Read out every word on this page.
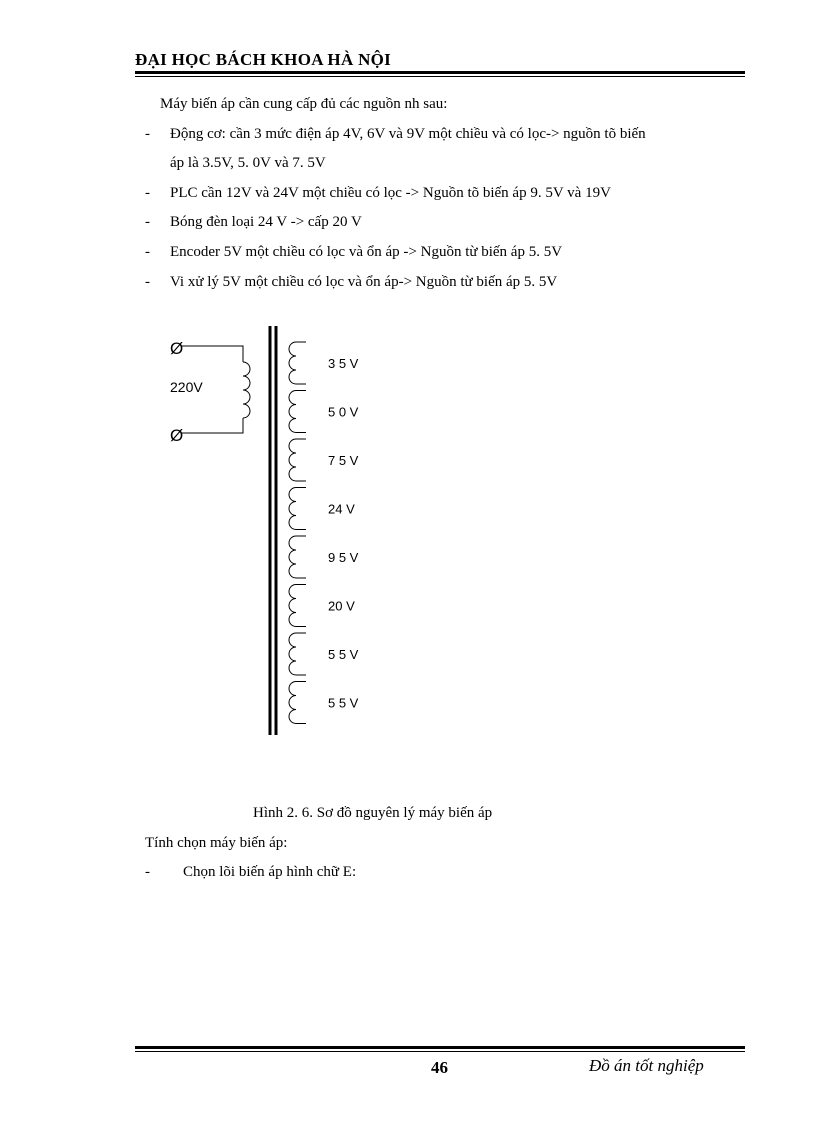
ĐẠI HỌC BÁCH KHOA HÀ NỘI
Máy biến áp cần cung cấp đủ các nguồn nh sau:
- Động cơ: cần 3 mức điện áp 4V, 6V và 9V một chiều và có lọc-> nguồn tõ biến
áp là 3.5V, 5. 0V và 7. 5V
- PLC cần 12V và 24V một chiều có lọc -> Nguồn tõ biến áp 9. 5V và 19V
- Bóng đèn loại 24 V -> cấp 20 V
- Encoder 5V một chiều có lọc và ổn áp -> Nguồn từ biến áp 5. 5V
- Vi xử lý 5V một chiều có lọc và ổn áp-> Nguồn từ biến áp 5. 5V
Ø
Ø
220V
3 5 V
5 0 V
7 5 V
24 V
9 5 V
20 V
5 5 V
5 5 V
Hình 2. 6. Sơ đồ nguyên lý máy biến áp
Tính chọn máy biến áp:
- Chọn lõi biến áp hình chữ E:
46	Đồ án tốt nghiệp
